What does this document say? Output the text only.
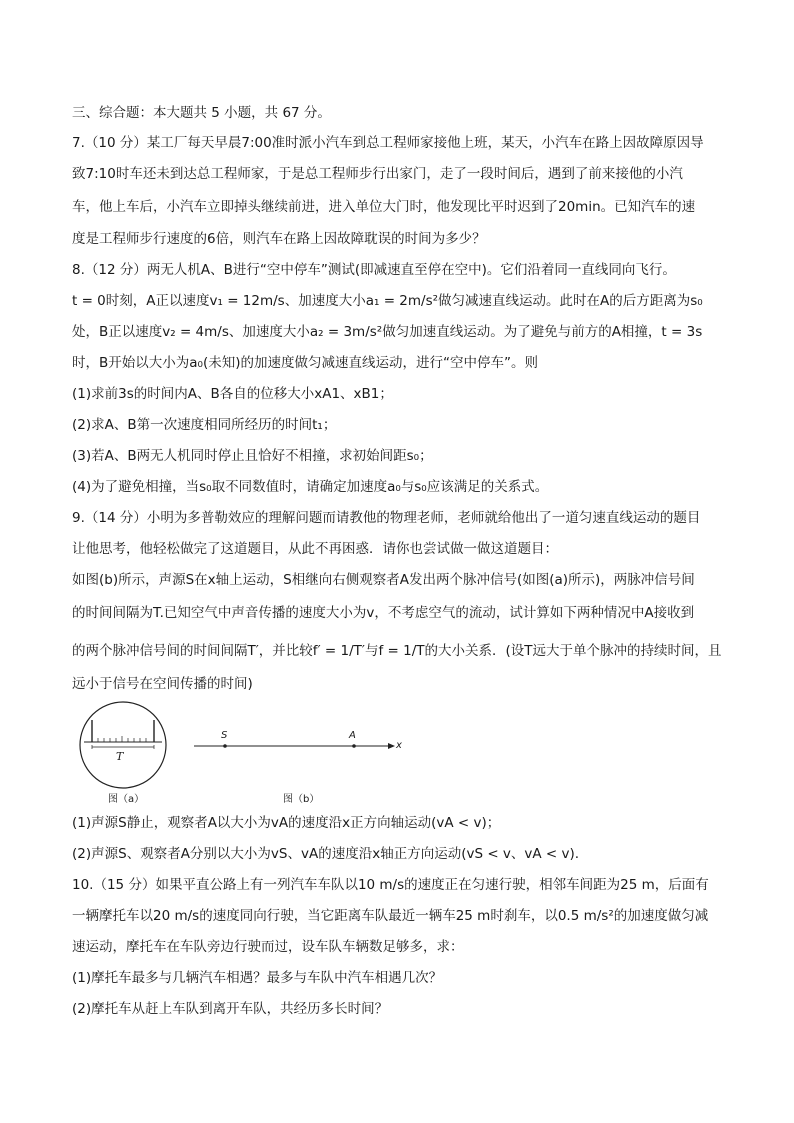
三、综合题：本大题共 5 小题，共 67 分。
7.（10 分）某工厂每天早晨7:00准时派小汽车到总工程师家接他上班，某天，小汽车在路上因故障原因导
致7:10时车还未到达总工程师家，于是总工程师步行出家门，走了一段时间后，遇到了前来接他的小汽
车，他上车后，小汽车立即掉头继续前进，进入单位大门时，他发现比平时迟到了20min。已知汽车的速
度是工程师步行速度的6倍，则汽车在路上因故障耽误的时间为多少？
8.（12 分）两无人机A、B进行“空中停车”测试(即减速直至停在空中)。它们沿着同一直线同向飞行。
t = 0时刻，A正以速度v₁ = 12m/s、加速度大小a₁ = 2m/s²做匀减速直线运动。此时在A的后方距离为s₀
处，B正以速度v₂ = 4m/s、加速度大小a₂ = 3m/s²做匀加速直线运动。为了避免与前方的A相撞，t = 3s
时，B开始以大小为a₀(未知)的加速度做匀减速直线运动，进行“空中停车”。则
(1)求前3s的时间内A、B各自的位移大小xA1、xB1；
(2)求A、B第一次速度相同所经历的时间t₁；
(3)若A、B两无人机同时停止且恰好不相撞，求初始间距s₀；
(4)为了避免相撞，当s₀取不同数值时，请确定加速度a₀与s₀应该满足的关系式。
9.（14 分）小明为多普勒效应的理解问题而请教他的物理老师，老师就给他出了一道匀速直线运动的题目
让他思考，他轻松做完了这道题目，从此不再困惑．请你也尝试做一做这道题目：
如图(b)所示，声源S在x轴上运动，S相继向右侧观察者A发出两个脉冲信号(如图(a)所示)，两脉冲信号间
的时间间隔为T.已知空气中声音传播的速度大小为v，不考虑空气的流动，试计算如下两种情况中A接收到
的两个脉冲信号间的时间间隔T′，并比较f′ = 1/T′与f = 1/T的大小关系．(设T远大于单个脉冲的持续时间，且
远小于信号在空间传播的时间)
T
图（a）
S	A
x
图（b）
(1)声源S静止，观察者A以大小为vA的速度沿x正方向轴运动(vA < v)；
(2)声源S、观察者A分别以大小为vS、vA的速度沿x轴正方向运动(vS < v、vA < v).
10.（15 分）如果平直公路上有一列汽车车队以10 m/s的速度正在匀速行驶，相邻车间距为25 m，后面有
一辆摩托车以20 m/s的速度同向行驶，当它距离车队最近一辆车25 m时刹车，以0.5 m/s²的加速度做匀减
速运动，摩托车在车队旁边行驶而过，设车队车辆数足够多，求：
(1)摩托车最多与几辆汽车相遇？最多与车队中汽车相遇几次？
(2)摩托车从赶上车队到离开车队，共经历多长时间？
